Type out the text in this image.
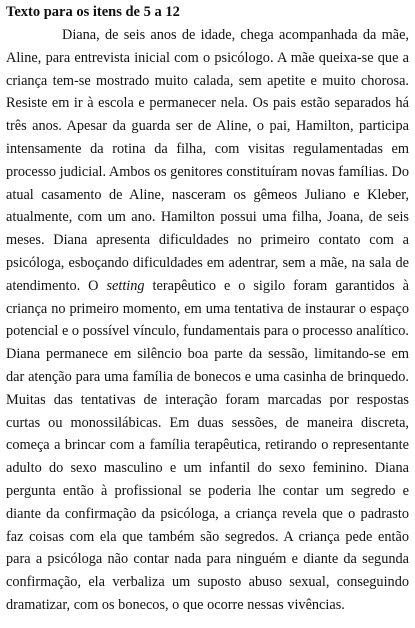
Texto para os itens de 5 a 12

Diana, de seis anos de idade, chega acompanhada da mãe, Aline, para entrevista inicial com o psicólogo. A mãe queixa-se que a criança tem-se mostrado muito calada, sem apetite e muito chorosa. Resiste em ir à escola e permanecer nela. Os pais estão separados há três anos. Apesar da guarda ser de Aline, o pai, Hamilton, participa intensamente da rotina da filha, com visitas regulamentadas em processo judicial. Ambos os genitores constituíram novas famílias. Do atual casamento de Aline, nasceram os gêmeos Juliano e Kleber, atualmente, com um ano. Hamilton possui uma filha, Joana, de seis meses. Diana apresenta dificuldades no primeiro contato com a psicóloga, esboçando dificuldades em adentrar, sem a mãe, na sala de atendimento. O setting terapêutico e o sigilo foram garantidos à criança no primeiro momento, em uma tentativa de instaurar o espaço potencial e o possível vínculo, fundamentais para o processo analítico. Diana permanece em silêncio boa parte da sessão, limitando-se em dar atenção para uma família de bonecos e uma casinha de brinquedo. Muitas das tentativas de interação foram marcadas por respostas curtas ou monossilábicas. Em duas sessões, de maneira discreta, começa a brincar com a família terapêutica, retirando o representante adulto do sexo masculino e um infantil do sexo feminino. Diana pergunta então à profissional se poderia lhe contar um segredo e diante da confirmação da psicóloga, a criança revela que o padrasto faz coisas com ela que também são segredos. A criança pede então para a psicóloga não contar nada para ninguém e diante da segunda confirmação, ela verbaliza um suposto abuso sexual, conseguindo dramatizar, com os bonecos, o que ocorre nessas vivências.
